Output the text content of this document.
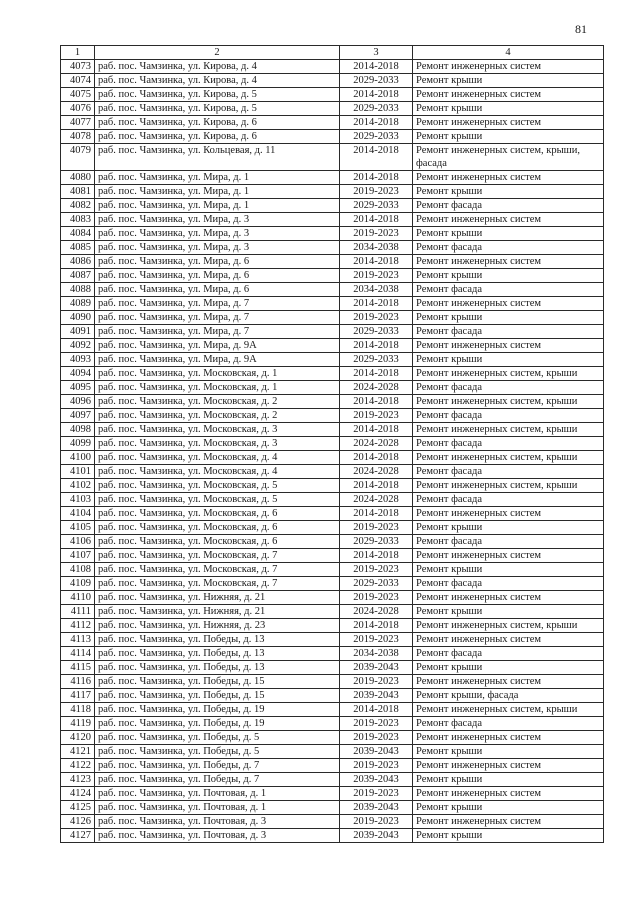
81
1	2	3	4
4073	раб. пос. Чамзинка, ул. Кирова, д. 4	2014-2018	Ремонт инженерных систем
4074	раб. пос. Чамзинка, ул. Кирова, д. 4	2029-2033	Ремонт крыши
4075	раб. пос. Чамзинка, ул. Кирова, д. 5	2014-2018	Ремонт инженерных систем
4076	раб. пос. Чамзинка, ул. Кирова, д. 5	2029-2033	Ремонт крыши
4077	раб. пос. Чамзинка, ул. Кирова, д. 6	2014-2018	Ремонт инженерных систем
4078	раб. пос. Чамзинка, ул. Кирова, д. 6	2029-2033	Ремонт крыши
4079	раб. пос. Чамзинка, ул. Кольцевая, д. 11	2014-2018	Ремонт инженерных систем, крыши, фасада
4080	раб. пос. Чамзинка, ул. Мира, д. 1	2014-2018	Ремонт инженерных систем
4081	раб. пос. Чамзинка, ул. Мира, д. 1	2019-2023	Ремонт крыши
4082	раб. пос. Чамзинка, ул. Мира, д. 1	2029-2033	Ремонт фасада
4083	раб. пос. Чамзинка, ул. Мира, д. 3	2014-2018	Ремонт инженерных систем
4084	раб. пос. Чамзинка, ул. Мира, д. 3	2019-2023	Ремонт крыши
4085	раб. пос. Чамзинка, ул. Мира, д. 3	2034-2038	Ремонт фасада
4086	раб. пос. Чамзинка, ул. Мира, д. 6	2014-2018	Ремонт инженерных систем
4087	раб. пос. Чамзинка, ул. Мира, д. 6	2019-2023	Ремонт крыши
4088	раб. пос. Чамзинка, ул. Мира, д. 6	2034-2038	Ремонт фасада
4089	раб. пос. Чамзинка, ул. Мира, д. 7	2014-2018	Ремонт инженерных систем
4090	раб. пос. Чамзинка, ул. Мира, д. 7	2019-2023	Ремонт крыши
4091	раб. пос. Чамзинка, ул. Мира, д. 7	2029-2033	Ремонт фасада
4092	раб. пос. Чамзинка, ул. Мира, д. 9А	2014-2018	Ремонт инженерных систем
4093	раб. пос. Чамзинка, ул. Мира, д. 9А	2029-2033	Ремонт крыши
4094	раб. пос. Чамзинка, ул. Московская, д. 1	2014-2018	Ремонт инженерных систем, крыши
4095	раб. пос. Чамзинка, ул. Московская, д. 1	2024-2028	Ремонт фасада
4096	раб. пос. Чамзинка, ул. Московская, д. 2	2014-2018	Ремонт инженерных систем, крыши
4097	раб. пос. Чамзинка, ул. Московская, д. 2	2019-2023	Ремонт фасада
4098	раб. пос. Чамзинка, ул. Московская, д. 3	2014-2018	Ремонт инженерных систем, крыши
4099	раб. пос. Чамзинка, ул. Московская, д. 3	2024-2028	Ремонт фасада
4100	раб. пос. Чамзинка, ул. Московская, д. 4	2014-2018	Ремонт инженерных систем, крыши
4101	раб. пос. Чамзинка, ул. Московская, д. 4	2024-2028	Ремонт фасада
4102	раб. пос. Чамзинка, ул. Московская, д. 5	2014-2018	Ремонт инженерных систем, крыши
4103	раб. пос. Чамзинка, ул. Московская, д. 5	2024-2028	Ремонт фасада
4104	раб. пос. Чамзинка, ул. Московская, д. 6	2014-2018	Ремонт инженерных систем
4105	раб. пос. Чамзинка, ул. Московская, д. 6	2019-2023	Ремонт крыши
4106	раб. пос. Чамзинка, ул. Московская, д. 6	2029-2033	Ремонт фасада
4107	раб. пос. Чамзинка, ул. Московская, д. 7	2014-2018	Ремонт инженерных систем
4108	раб. пос. Чамзинка, ул. Московская, д. 7	2019-2023	Ремонт крыши
4109	раб. пос. Чамзинка, ул. Московская, д. 7	2029-2033	Ремонт фасада
4110	раб. пос. Чамзинка, ул. Нижняя, д. 21	2019-2023	Ремонт инженерных систем
4111	раб. пос. Чамзинка, ул. Нижняя, д. 21	2024-2028	Ремонт крыши
4112	раб. пос. Чамзинка, ул. Нижняя, д. 23	2014-2018	Ремонт инженерных систем, крыши
4113	раб. пос. Чамзинка, ул. Победы, д. 13	2019-2023	Ремонт инженерных систем
4114	раб. пос. Чамзинка, ул. Победы, д. 13	2034-2038	Ремонт фасада
4115	раб. пос. Чамзинка, ул. Победы, д. 13	2039-2043	Ремонт крыши
4116	раб. пос. Чамзинка, ул. Победы, д. 15	2019-2023	Ремонт инженерных систем
4117	раб. пос. Чамзинка, ул. Победы, д. 15	2039-2043	Ремонт крыши, фасада
4118	раб. пос. Чамзинка, ул. Победы, д. 19	2014-2018	Ремонт инженерных систем, крыши
4119	раб. пос. Чамзинка, ул. Победы, д. 19	2019-2023	Ремонт фасада
4120	раб. пос. Чамзинка, ул. Победы, д. 5	2019-2023	Ремонт инженерных систем
4121	раб. пос. Чамзинка, ул. Победы, д. 5	2039-2043	Ремонт крыши
4122	раб. пос. Чамзинка, ул. Победы, д. 7	2019-2023	Ремонт инженерных систем
4123	раб. пос. Чамзинка, ул. Победы, д. 7	2039-2043	Ремонт крыши
4124	раб. пос. Чамзинка, ул. Почтовая, д. 1	2019-2023	Ремонт инженерных систем
4125	раб. пос. Чамзинка, ул. Почтовая, д. 1	2039-2043	Ремонт крыши
4126	раб. пос. Чамзинка, ул. Почтовая, д. 3	2019-2023	Ремонт инженерных систем
4127	раб. пос. Чамзинка, ул. Почтовая, д. 3	2039-2043	Ремонт крыши
